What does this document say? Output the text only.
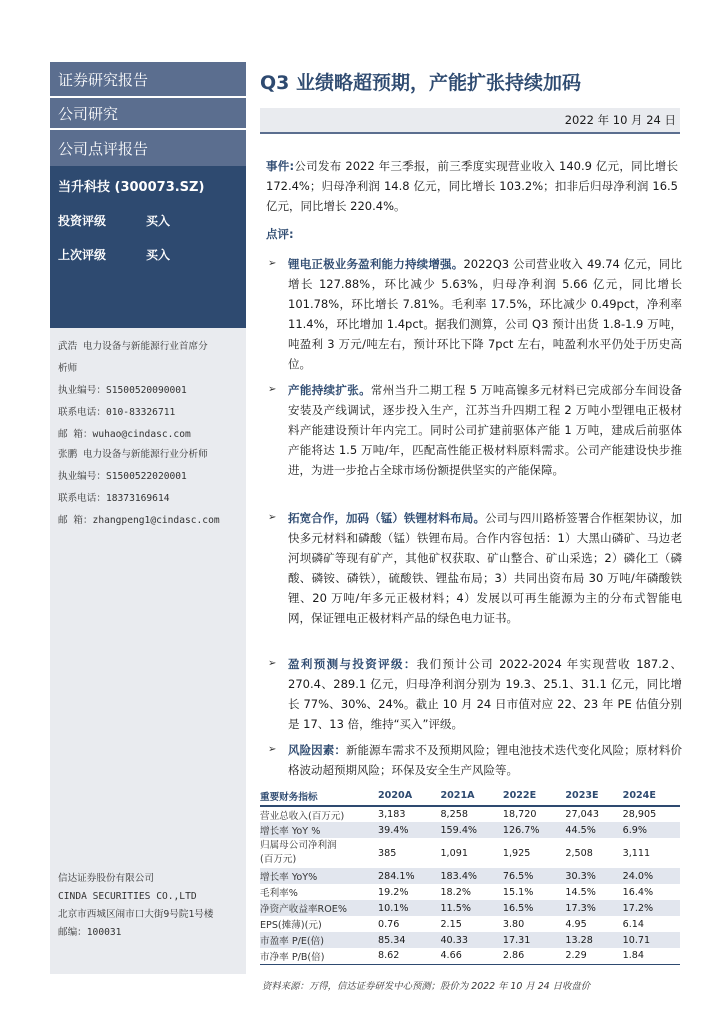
证券研究报告
公司研究
公司点评报告
当升科技 (300073.SZ)
投资评级	买入
上次评级	买入
武浩 电力设备与新能源行业首席分
析师
执业编号：S1500520090001
联系电话：010-83326711
邮 箱：wuhao@cindasc.com
张鹏 电力设备与新能源行业分析师
执业编号：S1500522020001
联系电话：18373169614
邮 箱：zhangpeng1@cindasc.com
信达证券股份有限公司
CINDA SECURITIES CO.,LTD
北京市西城区闹市口大街9号院1号楼
邮编：100031
Q3 业绩略超预期，产能扩张持续加码
2022 年 10 月 24 日
事件:公司发布 2022 年三季报，前三季度实现营业收入 140.9 亿元，同比增长 172.4%；归母净利润 14.8 亿元，同比增长 103.2%；扣非后归母净利润 16.5 亿元，同比增长 220.4%。
点评:
➢ 锂电正极业务盈利能力持续增强。2022Q3 公司营业收入 49.74 亿元，同比增长 127.88%，环比减少 5.63%，归母净利润 5.66 亿元，同比增长 101.78%，环比增长 7.81%。毛利率 17.5%，环比减少 0.49pct，净利率 11.4%，环比增加 1.4pct。据我们测算，公司 Q3 预计出货 1.8-1.9 万吨，吨盈利 3 万元/吨左右，预计环比下降 7pct 左右，吨盈利水平仍处于历史高位。
➢ 产能持续扩张。常州当升二期工程 5 万吨高镍多元材料已完成部分车间设备安装及产线调试，逐步投入生产，江苏当升四期工程 2 万吨小型锂电正极材料产能建设预计年内完工。同时公司扩建前驱体产能 1 万吨，建成后前驱体产能将达 1.5 万吨/年，匹配高性能正极材料原料需求。公司产能建设快步推进，为进一步抢占全球市场份额提供坚实的产能保障。
➢ 拓宽合作，加码（锰）铁锂材料布局。公司与四川路桥签署合作框架协议，加快多元材料和磷酸（锰）铁锂布局。合作内容包括：1）大黑山磷矿、马边老河坝磷矿等现有矿产，其他矿权获取、矿山整合、矿山采选；2）磷化工（磷酸、磷铵、磷铁），硫酸铁、锂盐布局；3）共同出资布局 30 万吨/年磷酸铁锂、20 万吨/年多元正极材料；4）发展以可再生能源为主的分布式智能电网，保证锂电正极材料产品的绿色电力证书。
➢ 盈利预测与投资评级：我们预计公司 2022-2024 年实现营收 187.2、270.4、289.1 亿元，归母净利润分别为 19.3、25.1、31.1 亿元，同比增长 77%、30%、24%。截止 10 月 24 日市值对应 22、23 年 PE 估值分别是 17、13 倍，维持“买入”评级。
➢ 风险因素：新能源车需求不及预期风险；锂电池技术迭代变化风险；原材料价格波动超预期风险；环保及安全生产风险等。
重要财务指标	2020A	2021A	2022E	2023E	2024E
营业总收入(百万元)	3,183	8,258	18,720	27,043	28,905
增长率 YoY %	39.4%	159.4%	126.7%	44.5%	6.9%

归属母公司净利润
(百万元)	385	1,091	1,925	2,508	3,111
增长率 YoY%	284.1%	183.4%	76.5%	30.3%	24.0%
毛利率%	19.2%	18.2%	15.1%	14.5%	16.4%
净资产收益率ROE%	10.1%	11.5%	16.5%	17.3%	17.2%
EPS(摊薄)(元)	0.76	2.15	3.80	4.95	6.14
市盈率 P/E(倍)	85.34	40.33	17.31	13.28	10.71
市净率 P/B(倍)	8.62	4.66	2.86	2.29	1.84
资料来源：万得，信达证券研发中心预测；股价为 2022 年 10 月 24 日收盘价
